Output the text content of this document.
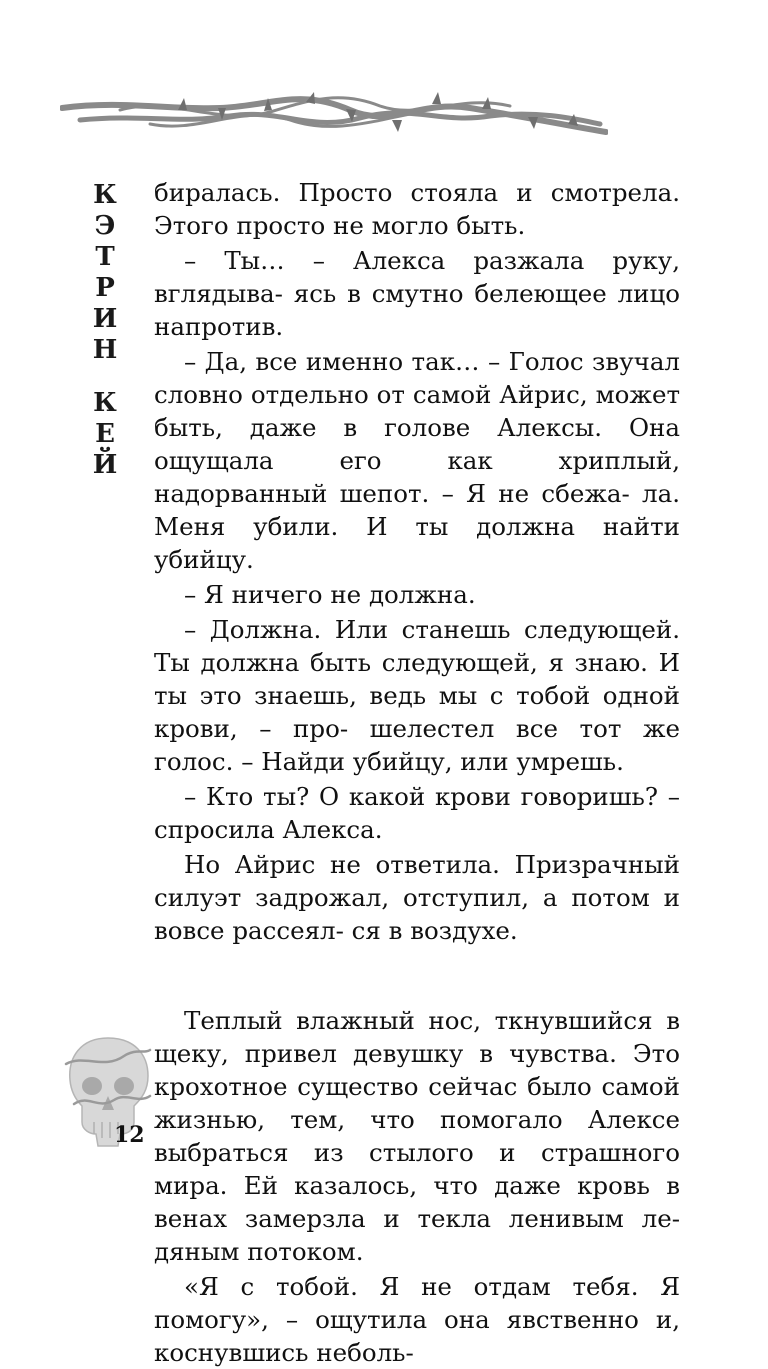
К
Э
Т
Р
И
Н
К
Е
Й

биралась. Просто стояла и смотрела. Этого просто не могло быть.

– Ты… – Алекса разжала руку, вглядыва- ясь в смутно белеющее лицо напротив.

– Да, все именно так… – Голос звучал словно отдельно от самой Айрис, может быть, даже в голове Алексы. Она ощущала его как хриплый, надорванный шепот. – Я не сбежа- ла. Меня убили. И ты должна найти убийцу.

– Я ничего не должна.

– Должна. Или станешь следующей. Ты должна быть следующей, я знаю. И ты это знаешь, ведь мы с тобой одной крови, – про- шелестел все тот же голос. – Найди убийцу, или умрешь.

– Кто ты? О какой крови говоришь? – спросила Алекса.

Но Айрис не ответила. Призрачный силуэт задрожал, отступил, а потом и вовсе рассеял- ся в воздухе.

Теплый влажный нос, ткнувшийся в щеку, привел девушку в чувства. Это крохотное существо сейчас было самой жизнью, тем, что помогало Алексе выбраться из стылого и страшного мира. Ей казалось, что даже кровь в венах замерзла и текла ленивым ле- дяным потоком.

«Я с тобой. Я не отдам тебя. Я помогу», – ощутила она явственно и, коснувшись неболь-

12
